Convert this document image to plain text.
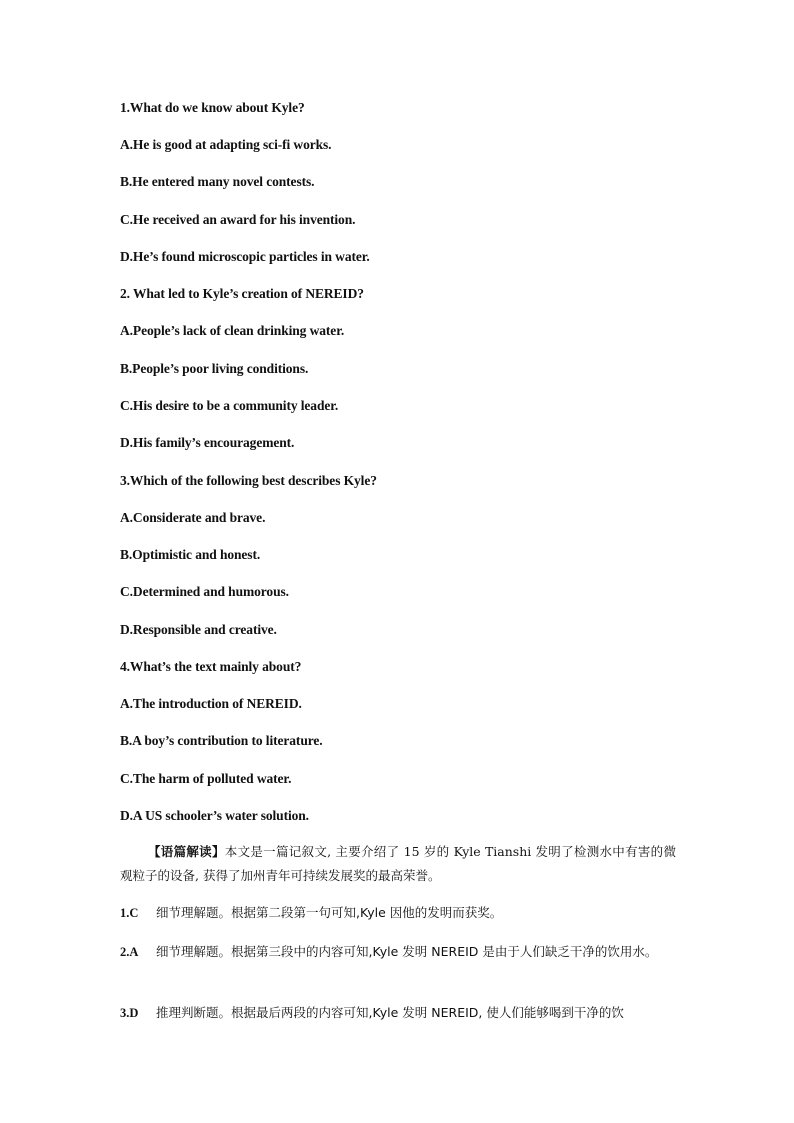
1.What do we know about Kyle?
A.He is good at adapting sci-fi works.
B.He entered many novel contests.
C.He received an award for his invention.
D.He’s found microscopic particles in water.
2. What led to Kyle’s creation of NEREID?
A.People’s lack of clean drinking water.
B.People’s poor living conditions.
C.His desire to be a community leader.
D.His family’s encouragement.
3.Which of the following best describes Kyle?
A.Considerate and brave.
B.Optimistic and honest.
C.Determined and humorous.
D.Responsible and creative.
4.What’s the text mainly about?
A.The introduction of NEREID.
B.A boy’s contribution to literature.
C.The harm of polluted water.
D.A US schooler’s water solution.
【语篇解读】本文是一篇记叙文, 主要介绍了 15 岁的 Kyle Tianshi 发明了检测水中有害的微观粒子的设备, 获得了加州青年可持续发展奖的最高荣誉。
1.C 细节理解题。根据第二段第一句可知,Kyle 因他的发明而获奖。
2.A 细节理解题。根据第三段中的内容可知,Kyle 发明 NEREID 是由于人们缺乏干净的饮用水。
3.D 推理判断题。根据最后两段的内容可知,Kyle 发明 NEREID, 使人们能够喝到干净的饮
